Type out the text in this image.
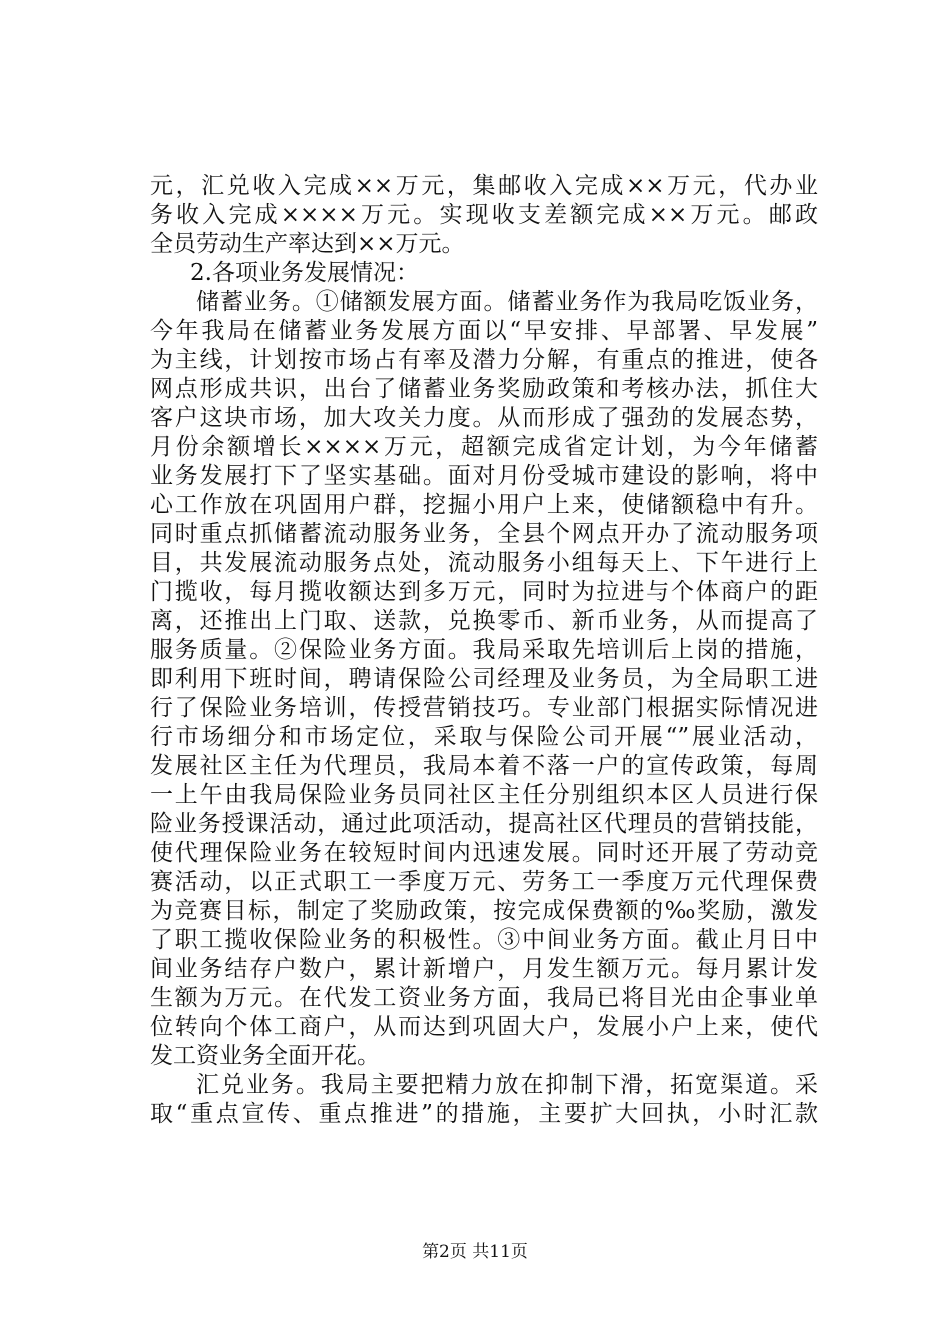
元，汇兑收入完成××万元，集邮收入完成××万元，代办业
务收入完成××××万元。实现收支差额完成××万元。邮政
全员劳动生产率达到××万元。
2.各项业务发展情况：
储蓄业务。①储额发展方面。储蓄业务作为我局吃饭业务，
今年我局在储蓄业务发展方面以“早安排、早部署、早发展”
为主线，计划按市场占有率及潜力分解，有重点的推进，使各
网点形成共识，出台了储蓄业务奖励政策和考核办法，抓住大
客户这块市场，加大攻关力度。从而形成了强劲的发展态势，
月份余额增长××××万元，超额完成省定计划，为今年储蓄
业务发展打下了坚实基础。面对月份受城市建设的影响，将中
心工作放在巩固用户群，挖掘小用户上来，使储额稳中有升。
同时重点抓储蓄流动服务业务，全县个网点开办了流动服务项
目，共发展流动服务点处，流动服务小组每天上、下午进行上
门揽收，每月揽收额达到多万元，同时为拉进与个体商户的距
离，还推出上门取、送款，兑换零币、新币业务，从而提高了
服务质量。②保险业务方面。我局采取先培训后上岗的措施，
即利用下班时间，聘请保险公司经理及业务员，为全局职工进
行了保险业务培训，传授营销技巧。专业部门根据实际情况进
行市场细分和市场定位，采取与保险公司开展“”展业活动，
发展社区主任为代理员，我局本着不落一户的宣传政策，每周
一上午由我局保险业务员同社区主任分别组织本区人员进行保
险业务授课活动，通过此项活动，提高社区代理员的营销技能，
使代理保险业务在较短时间内迅速发展。同时还开展了劳动竞
赛活动，以正式职工一季度万元、劳务工一季度万元代理保费
为竞赛目标，制定了奖励政策，按完成保费额的‰奖励，激发
了职工揽收保险业务的积极性。③中间业务方面。截止月日中
间业务结存户数户，累计新增户，月发生额万元。每月累计发
生额为万元。在代发工资业务方面，我局已将目光由企事业单
位转向个体工商户，从而达到巩固大户，发展小户上来，使代
发工资业务全面开花。
汇兑业务。我局主要把精力放在抑制下滑，拓宽渠道。采
取“重点宣传、重点推进”的措施，主要扩大回执，小时汇款
第2页 共11页
